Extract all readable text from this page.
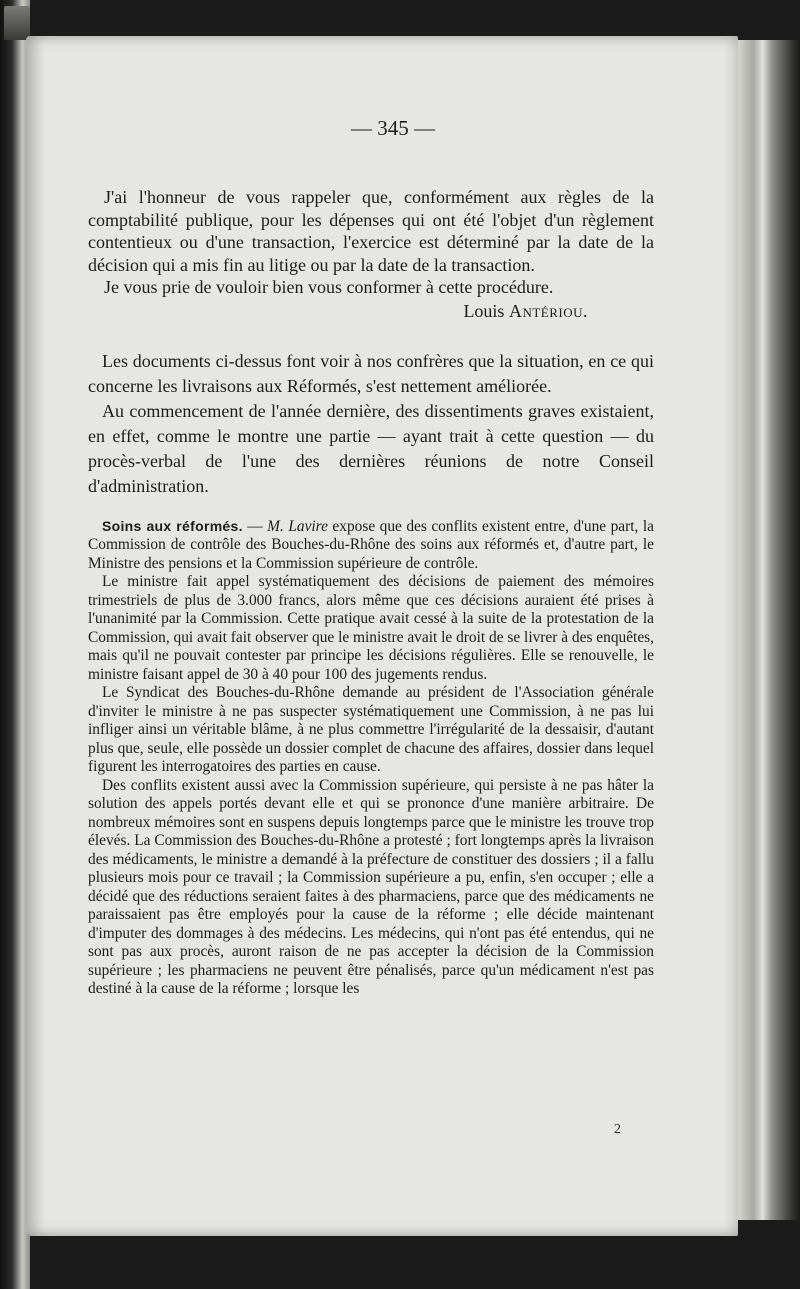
— 345 —

J'ai l'honneur de vous rappeler que, conformément aux règles de la comptabilité publique, pour les dépenses qui ont été l'objet d'un règlement contentieux ou d'une transaction, l'exercice est déterminé par la date de la décision qui a mis fin au litige ou par la date de la transaction.

Je vous prie de vouloir bien vous conformer à cette procédure.

Louis Antériou.

Les documents ci-dessus font voir à nos confrères que la situation, en ce qui concerne les livraisons aux Réformés, s'est nettement améliorée.

Au commencement de l'année dernière, des dissentiments graves existaient, en effet, comme le montre une partie — ayant trait à cette question — du procès-verbal de l'une des dernières réunions de notre Conseil d'administration.

Soins aux réformés. — M. Lavire expose que des conflits existent entre, d'une part, la Commission de contrôle des Bouches-du-Rhône des soins aux réformés et, d'autre part, le Ministre des pensions et la Commission supérieure de contrôle.

Le ministre fait appel systématiquement des décisions de paiement des mémoires trimestriels de plus de 3.000 francs, alors même que ces décisions auraient été prises à l'unanimité par la Commission. Cette pratique avait cessé à la suite de la protestation de la Commission, qui avait fait observer que le ministre avait le droit de se livrer à des enquêtes, mais qu'il ne pouvait contester par principe les décisions régulières. Elle se renouvelle, le ministre faisant appel de 30 à 40 pour 100 des jugements rendus.

Le Syndicat des Bouches-du-Rhône demande au président de l'Association générale d'inviter le ministre à ne pas suspecter systématiquement une Commission, à ne pas lui infliger ainsi un véritable blâme, à ne plus commettre l'irrégularité de la dessaisir, d'autant plus que, seule, elle possède un dossier complet de chacune des affaires, dossier dans lequel figurent les interrogatoires des parties en cause.

Des conflits existent aussi avec la Commission supérieure, qui persiste à ne pas hâter la solution des appels portés devant elle et qui se prononce d'une manière arbitraire. De nombreux mémoires sont en suspens depuis longtemps parce que le ministre les trouve trop élevés. La Commission des Bouches-du-Rhône a protesté ; fort longtemps après la livraison des médicaments, le ministre a demandé à la préfecture de constituer des dossiers ; il a fallu plusieurs mois pour ce travail ; la Commission supérieure a pu, enfin, s'en occuper ; elle a décidé que des réductions seraient faites à des pharmaciens, parce que des médicaments ne paraissaient pas être employés pour la cause de la réforme ; elle décide maintenant d'imputer des dommages à des médecins. Les médecins, qui n'ont pas été entendus, qui ne sont pas aux procès, auront raison de ne pas accepter la décision de la Commission supérieure ; les pharmaciens ne peuvent être pénalisés, parce qu'un médicament n'est pas destiné à la cause de la réforme ; lorsque les

2
